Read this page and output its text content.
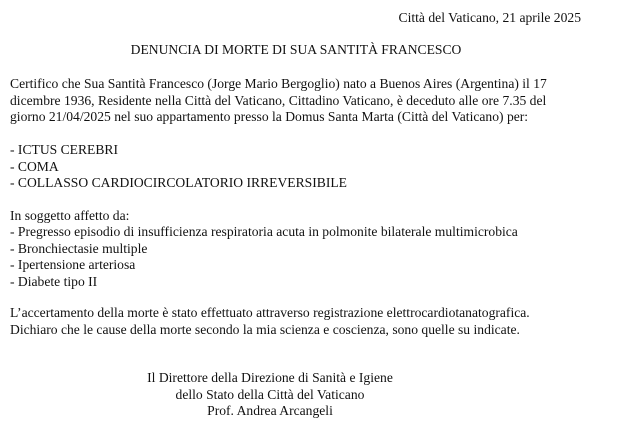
Città del Vaticano, 21 aprile 2025
DENUNCIA DI MORTE DI SUA SANTITÀ FRANCESCO
Certifico che Sua Santità Francesco (Jorge Mario Bergoglio) nato a Buenos Aires (Argentina) il 17
dicembre 1936, Residente nella Città del Vaticano, Cittadino Vaticano, è deceduto alle ore 7.35 del
giorno 21/04/2025 nel suo appartamento presso la Domus Santa Marta (Città del Vaticano) per:
- ICTUS CEREBRI
- COMA
- COLLASSO CARDIOCIRCOLATORIO IRREVERSIBILE
In soggetto affetto da:
- Pregresso episodio di insufficienza respiratoria acuta in polmonite bilaterale multimicrobica
- Bronchiectasie multiple
- Ipertensione arteriosa
- Diabete tipo II
L’accertamento della morte è stato effettuato attraverso registrazione elettrocardiotanatografica.
Dichiaro che le cause della morte secondo la mia scienza e coscienza, sono quelle su indicate.
Il Direttore della Direzione di Sanità e Igiene
dello Stato della Città del Vaticano
Prof. Andrea Arcangeli
